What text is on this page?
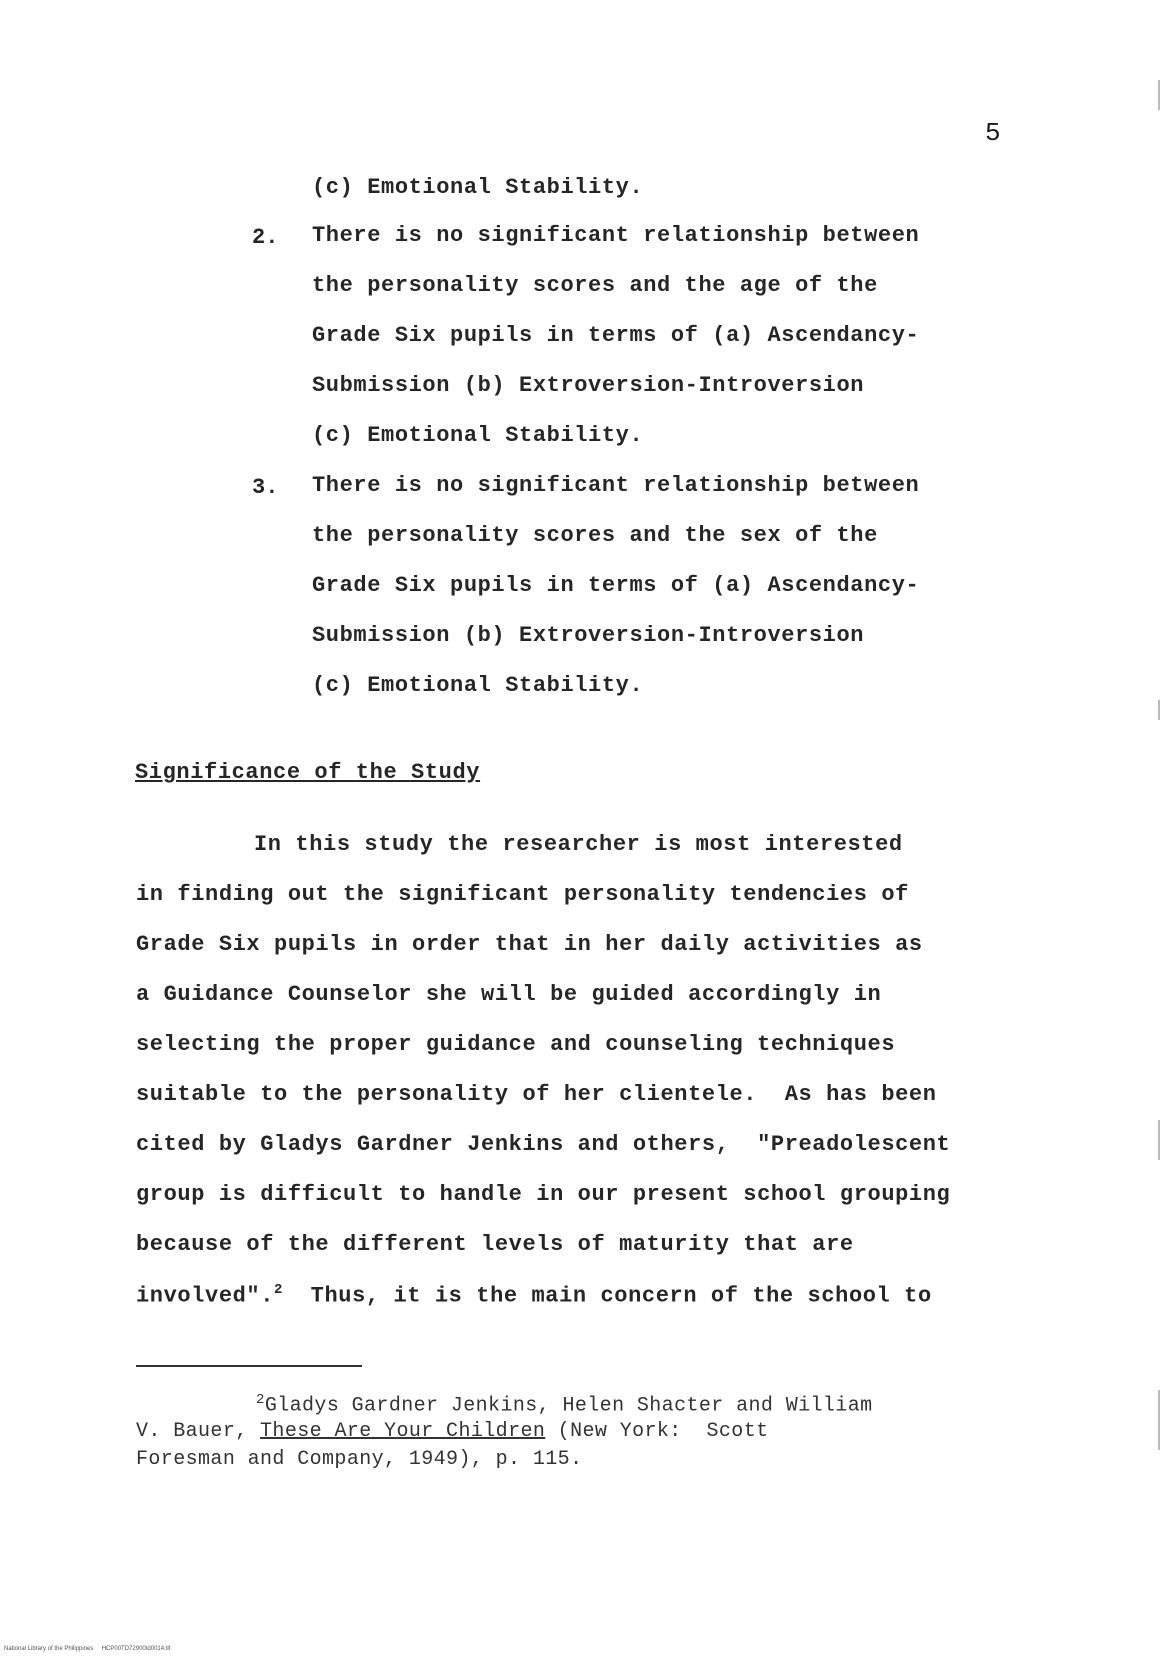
5
(c) Emotional Stability.
2. There is no significant relationship between
the personality scores and the age of the
Grade Six pupils in terms of (a) Ascendancy-
Submission (b) Extroversion-Introversion
(c) Emotional Stability.
3. There is no significant relationship between
the personality scores and the sex of the
Grade Six pupils in terms of (a) Ascendancy-
Submission (b) Extroversion-Introversion
(c) Emotional Stability.
Significance of the Study
In this study the researcher is most interested
in finding out the significant personality tendencies of
Grade Six pupils in order that in her daily activities as
a Guidance Counselor she will be guided accordingly in
selecting the proper guidance and counseling techniques
suitable to the personality of her clientele.  As has been
cited by Gladys Gardner Jenkins and others,  "Preadolescent
group is difficult to handle in our present school grouping
because of the different levels of maturity that are
involved".$^2$ Thus, it is the main concern of the school to
$^2$Gladys Gardner Jenkins, Helen Shacter and William
V. Bauer, These Are Your Children (New York:  Scott
Foresman and Company, 1949), p. 115.
National Library of the Philippines     HCP00TD72900td0014.tif
